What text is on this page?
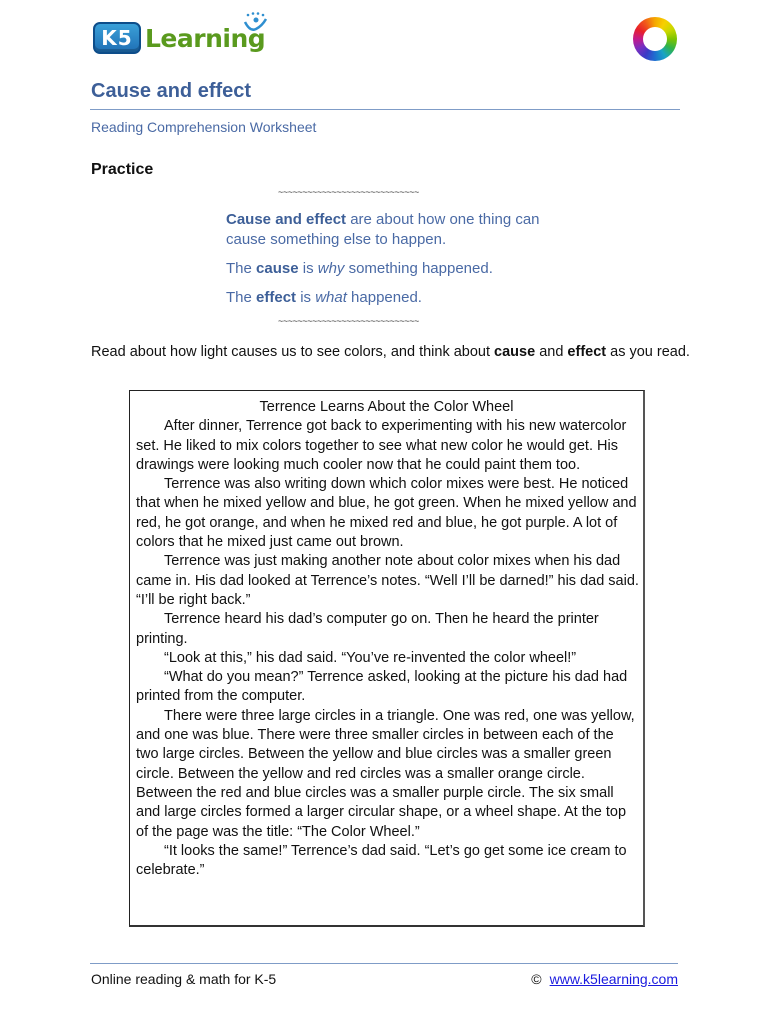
K5 Learning
Cause and effect
Reading Comprehension Worksheet
Practice
~~~~~~~~~~~~~~~~~~~~~~~~~~~~~

Cause and effect are about how one thing can cause something else to happen.

The cause is why something happened.

The effect is what happened.

~~~~~~~~~~~~~~~~~~~~~~~~~~~~~
Read about how light causes us to see colors, and think about cause and effect as you read.
Terrence Learns About the Color Wheel

After dinner, Terrence got back to experimenting with his new watercolor set. He liked to mix colors together to see what new color he would get. His drawings were looking much cooler now that he could paint them too.

Terrence was also writing down which color mixes were best. He noticed that when he mixed yellow and blue, he got green. When he mixed yellow and red, he got orange, and when he mixed red and blue, he got purple. A lot of colors that he mixed just came out brown.

Terrence was just making another note about color mixes when his dad came in. His dad looked at Terrence’s notes. “Well I’ll be darned!” his dad said. “I’ll be right back.”

Terrence heard his dad’s computer go on. Then he heard the printer printing.

“Look at this,” his dad said. “You’ve re-invented the color wheel!”

“What do you mean?” Terrence asked, looking at the picture his dad had printed from the computer.

There were three large circles in a triangle. One was red, one was yellow, and one was blue. There were three smaller circles in between each of the two large circles. Between the yellow and blue circles was a smaller green circle. Between the yellow and red circles was a smaller orange circle. Between the red and blue circles was a smaller purple circle. The six small and large circles formed a larger circular shape, or a wheel shape. At the top of the page was the title: “The Color Wheel.”

“It looks the same!” Terrence’s dad said. “Let’s go get some ice cream to celebrate.”

Online reading & math for K-5	© www.k5learning.com
